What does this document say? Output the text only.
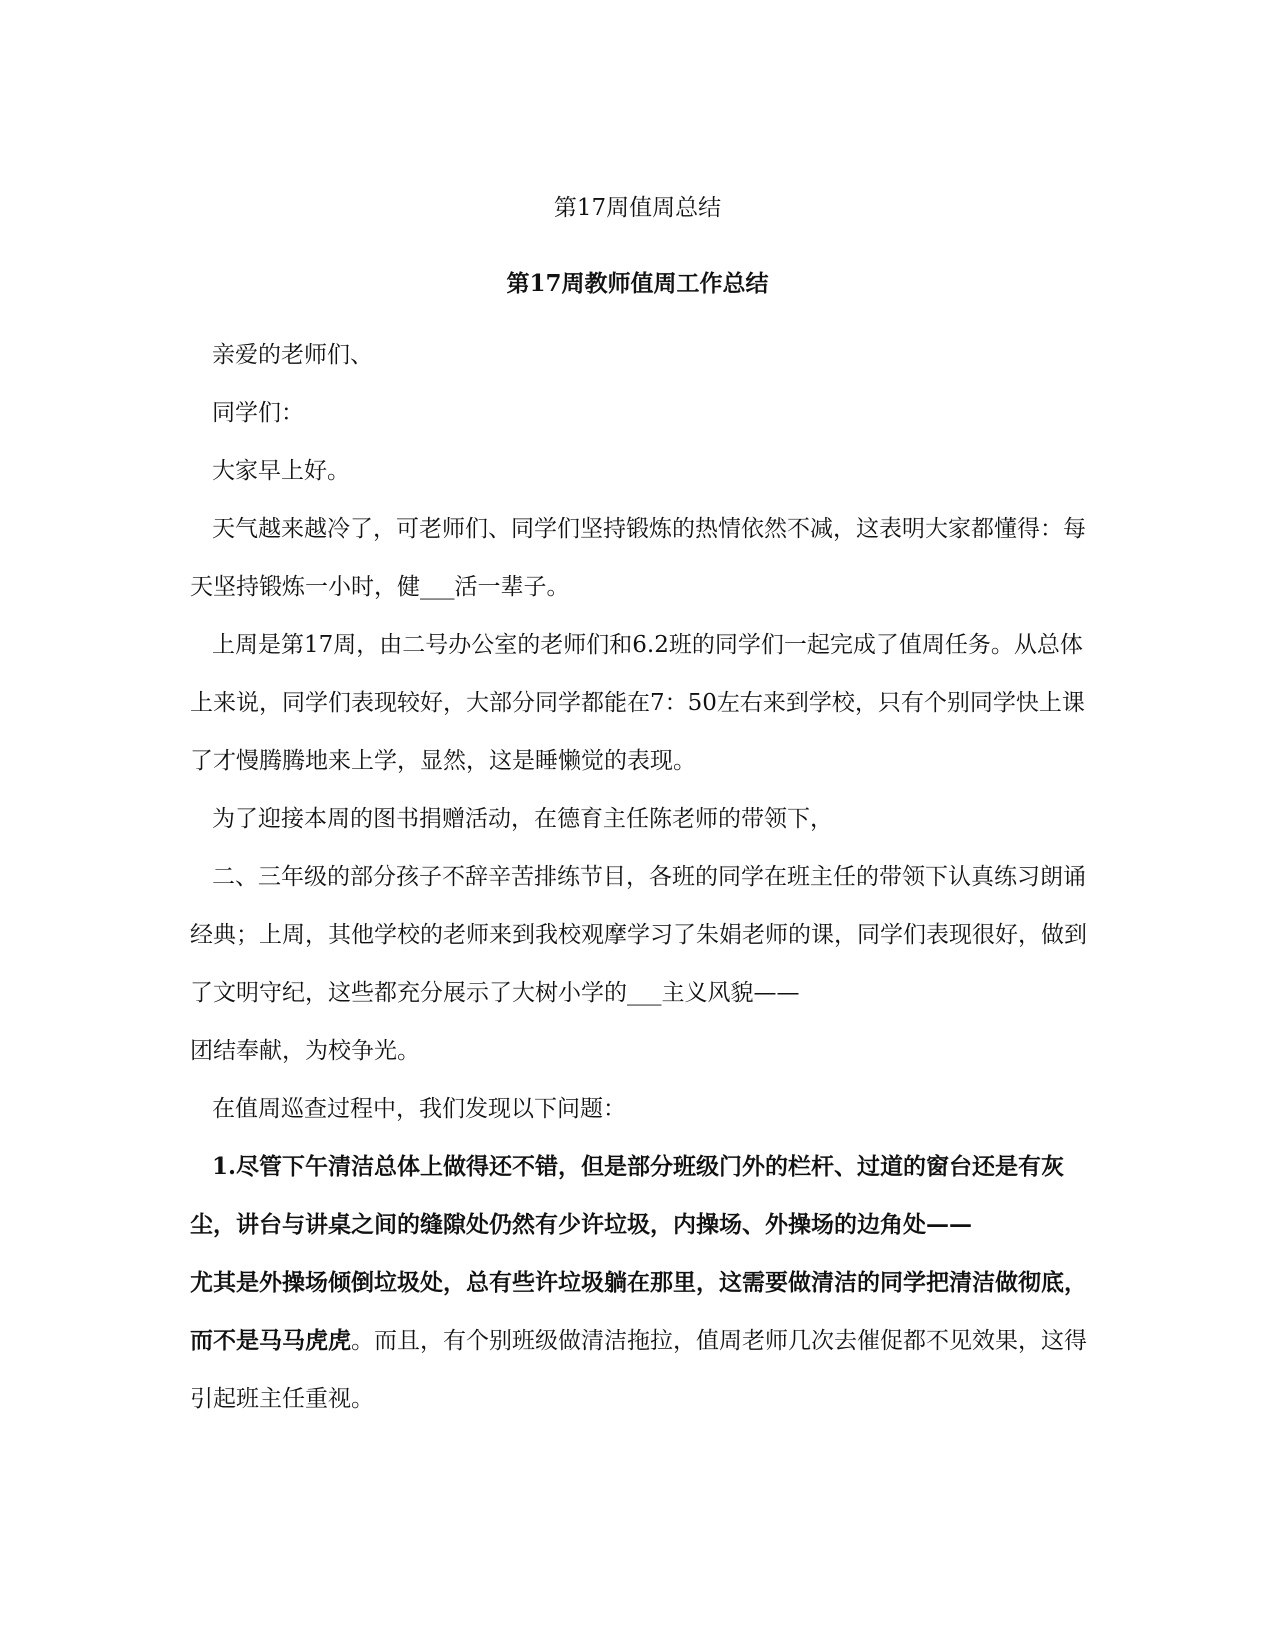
第17周值周总结
第17周教师值周工作总结

亲爱的老师们、

同学们：

大家早上好。

天气越来越冷了，可老师们、同学们坚持锻炼的热情依然不减，这表明大家都懂得：每天坚持锻炼一小时，健___活一辈子。

上周是第17周，由二号办公室的老师们和6.2班的同学们一起完成了值周任务。从总体上来说，同学们表现较好，大部分同学都能在7：50左右来到学校，只有个别同学快上课了才慢腾腾地来上学，显然，这是睡懒觉的表现。

为了迎接本周的图书捐赠活动，在德育主任陈老师的带领下，

二、三年级的部分孩子不辞辛苦排练节目，各班的同学在班主任的带领下认真练习朗诵经典；上周，其他学校的老师来到我校观摩学习了朱娟老师的课，同学们表现很好，做到了文明守纪，这些都充分展示了大树小学的___主义风貌——

团结奉献，为校争光。

在值周巡查过程中，我们发现以下问题：

1.尽管下午清洁总体上做得还不错，但是部分班级门外的栏杆、过道的窗台还是有灰尘，讲台与讲桌之间的缝隙处仍然有少许垃圾，内操场、外操场的边角处——

尤其是外操场倾倒垃圾处，总有些许垃圾躺在那里，这需要做清洁的同学把清洁做彻底，而不是马马虎虎。而且，有个别班级做清洁拖拉，值周老师几次去催促都不见效果，这得引起班主任重视。
